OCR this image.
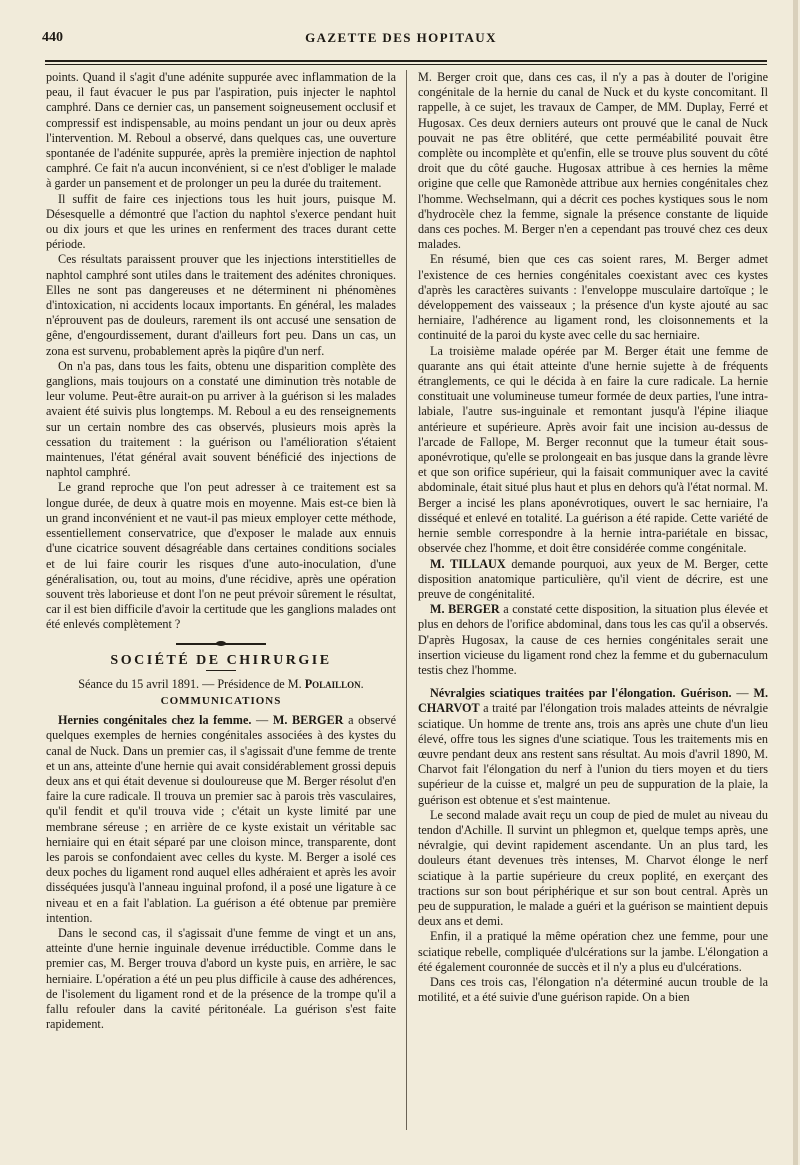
440	GAZETTE DES HOPITAUX

points. Quand il s'agit d'une adénite suppurée avec inflammation de la peau, il faut évacuer le pus par l'aspiration, puis injecter le naphtol camphré. Dans ce dernier cas, un pansement soigneusement occlusif et compressif est indispensable, au moins pendant un jour ou deux après l'intervention. M. Reboul a observé, dans quelques cas, une ouverture spontanée de l'adénite suppurée, après la première injection de naphtol camphré. Ce fait n'a aucun inconvénient, si ce n'est d'obliger le malade à garder un pansement et de prolonger un peu la durée du traitement.

Il suffit de faire ces injections tous les huit jours, puisque M. Désesquelle a démontré que l'action du naphtol s'exerce pendant huit ou dix jours et que les urines en renferment des traces durant cette période.

Ces résultats paraissent prouver que les injections interstitielles de naphtol camphré sont utiles dans le traitement des adénites chroniques. Elles ne sont pas dangereuses et ne déterminent ni phénomènes d'intoxication, ni accidents locaux importants. En général, les malades n'éprouvent pas de douleurs, rarement ils ont accusé une sensation de gêne, d'engourdissement, durant d'ailleurs fort peu. Dans un cas, un zona est survenu, probablement après la piqûre d'un nerf.

On n'a pas, dans tous les faits, obtenu une disparition complète des ganglions, mais toujours on a constaté une diminution très notable de leur volume. Peut-être aurait-on pu arriver à la guérison si les malades avaient été suivis plus longtemps. M. Reboul a eu des renseignements sur un certain nombre des cas observés, plusieurs mois après la cessation du traitement : la guérison ou l'amélioration s'étaient maintenues, l'état général avait souvent bénéficié des injections de naphtol camphré.

Le grand reproche que l'on peut adresser à ce traitement est sa longue durée, de deux à quatre mois en moyenne. Mais est-ce bien là un grand inconvénient et ne vaut-il pas mieux employer cette méthode, essentiellement conservatrice, que d'exposer le malade aux ennuis d'une cicatrice souvent désagréable dans certaines conditions sociales et de lui faire courir les risques d'une auto-inoculation, d'une généralisation, ou, tout au moins, d'une récidive, après une opération souvent très laborieuse et dont l'on ne peut prévoir sûrement le résultat, car il est bien difficile d'avoir la certitude que les ganglions malades ont été enlevés complètement ?

SOCIÉTÉ DE CHIRURGIE

Séance du 15 avril 1891. — Présidence de M. Polaillon.

COMMUNICATIONS

Hernies congénitales chez la femme. — M. BERGER a observé quelques exemples de hernies congénitales associées à des kystes du canal de Nuck. Dans un premier cas, il s'agissait d'une femme de trente et un ans, atteinte d'une hernie qui avait considérablement grossi depuis deux ans et qui était devenue si douloureuse que M. Berger résolut d'en faire la cure radicale. Il trouva un premier sac à parois très vasculaires, qu'il fendit et qu'il trouva vide ; c'était un kyste limité par une membrane séreuse ; en arrière de ce kyste existait un véritable sac herniaire qui en était séparé par une cloison mince, transparente, dont les parois se confondaient avec celles du kyste. M. Berger a isolé ces deux poches du ligament rond auquel elles adhéraient et après les avoir disséquées jusqu'à l'anneau inguinal profond, il a posé une ligature à ce niveau et en a fait l'ablation. La guérison a été obtenue par première intention.

Dans le second cas, il s'agissait d'une femme de vingt et un ans, atteinte d'une hernie inguinale devenue irréductible. Comme dans le premier cas, M. Berger trouva d'abord un kyste puis, en arrière, le sac herniaire. L'opération a été un peu plus difficile à cause des adhérences, de l'isolement du ligament rond et de la présence de la trompe qu'il a fallu refouler dans la cavité péritonéale. La guérison s'est faite rapidement.

M. Berger croit que, dans ces cas, il n'y a pas à douter de l'origine congénitale de la hernie du canal de Nuck et du kyste concomitant. Il rappelle, à ce sujet, les travaux de Camper, de MM. Duplay, Ferré et Hugosax. Ces deux derniers auteurs ont prouvé que le canal de Nuck pouvait ne pas être oblitéré, que cette perméabilité pouvait être complète ou incomplète et qu'enfin, elle se trouve plus souvent du côté droit que du côté gauche. Hugosax attribue à ces hernies la même origine que celle que Ramonède attribue aux hernies congénitales chez l'homme. Wechselmann, qui a décrit ces poches kystiques sous le nom d'hydrocèle chez la femme, signale la présence constante de liquide dans ces poches. M. Berger n'en a cependant pas trouvé chez ces deux malades.

En résumé, bien que ces cas soient rares, M. Berger admet l'existence de ces hernies congénitales coexistant avec ces kystes d'après les caractères suivants : l'enveloppe musculaire dartoïque ; le développement des vaisseaux ; la présence d'un kyste ajouté au sac herniaire, l'adhérence au ligament rond, les cloisonnements et la continuité de la paroi du kyste avec celle du sac herniaire.

La troisième malade opérée par M. Berger était une femme de quarante ans qui était atteinte d'une hernie sujette à de fréquents étranglements, ce qui le décida à en faire la cure radicale. La hernie constituait une volumineuse tumeur formée de deux parties, l'une intra-labiale, l'autre sus-inguinale et remontant jusqu'à l'épine iliaque antérieure et supérieure. Après avoir fait une incision au-dessus de l'arcade de Fallope, M. Berger reconnut que la tumeur était sous-aponévrotique, qu'elle se prolongeait en bas jusque dans la grande lèvre et que son orifice supérieur, qui la faisait communiquer avec la cavité abdominale, était situé plus haut et plus en dehors qu'à l'état normal. M. Berger a incisé les plans aponévrotiques, ouvert le sac herniaire, l'a disséqué et enlevé en totalité. La guérison a été rapide. Cette variété de hernie semble correspondre à la hernie intra-pariétale en bissac, observée chez l'homme, et doit être considérée comme congénitale.

M. TILLAUX demande pourquoi, aux yeux de M. Berger, cette disposition anatomique particulière, qu'il vient de décrire, est une preuve de congénitalité.

M. BERGER a constaté cette disposition, la situation plus élevée et plus en dehors de l'orifice abdominal, dans tous les cas qu'il a observés. D'après Hugosax, la cause de ces hernies congénitales serait une insertion vicieuse du ligament rond chez la femme et du gubernaculum testis chez l'homme.

Névralgies sciatiques traitées par l'élongation. Guérison. — M. CHARVOT a traité par l'élongation trois malades atteints de névralgie sciatique. Un homme de trente ans, trois ans après une chute d'un lieu élevé, offre tous les signes d'une sciatique. Tous les traitements mis en œuvre pendant deux ans restent sans résultat. Au mois d'avril 1890, M. Charvot fait l'élongation du nerf à l'union du tiers moyen et du tiers supérieur de la cuisse et, malgré un peu de suppuration de la plaie, la guérison est obtenue et s'est maintenue.

Le second malade avait reçu un coup de pied de mulet au niveau du tendon d'Achille. Il survint un phlegmon et, quelque temps après, une névralgie, qui devint rapidement ascendante. Un an plus tard, les douleurs étant devenues très intenses, M. Charvot élonge le nerf sciatique à la partie supérieure du creux poplité, en exerçant des tractions sur son bout périphérique et sur son bout central. Après un peu de suppuration, le malade a guéri et la guérison se maintient depuis deux ans et demi.

Enfin, il a pratiqué la même opération chez une femme, pour une sciatique rebelle, compliquée d'ulcérations sur la jambe. L'élongation a été également couronnée de succès et il n'y a plus eu d'ulcérations.

Dans ces trois cas, l'élongation n'a déterminé aucun trouble de la motilité, et a été suivie d'une guérison rapide. On a bien
